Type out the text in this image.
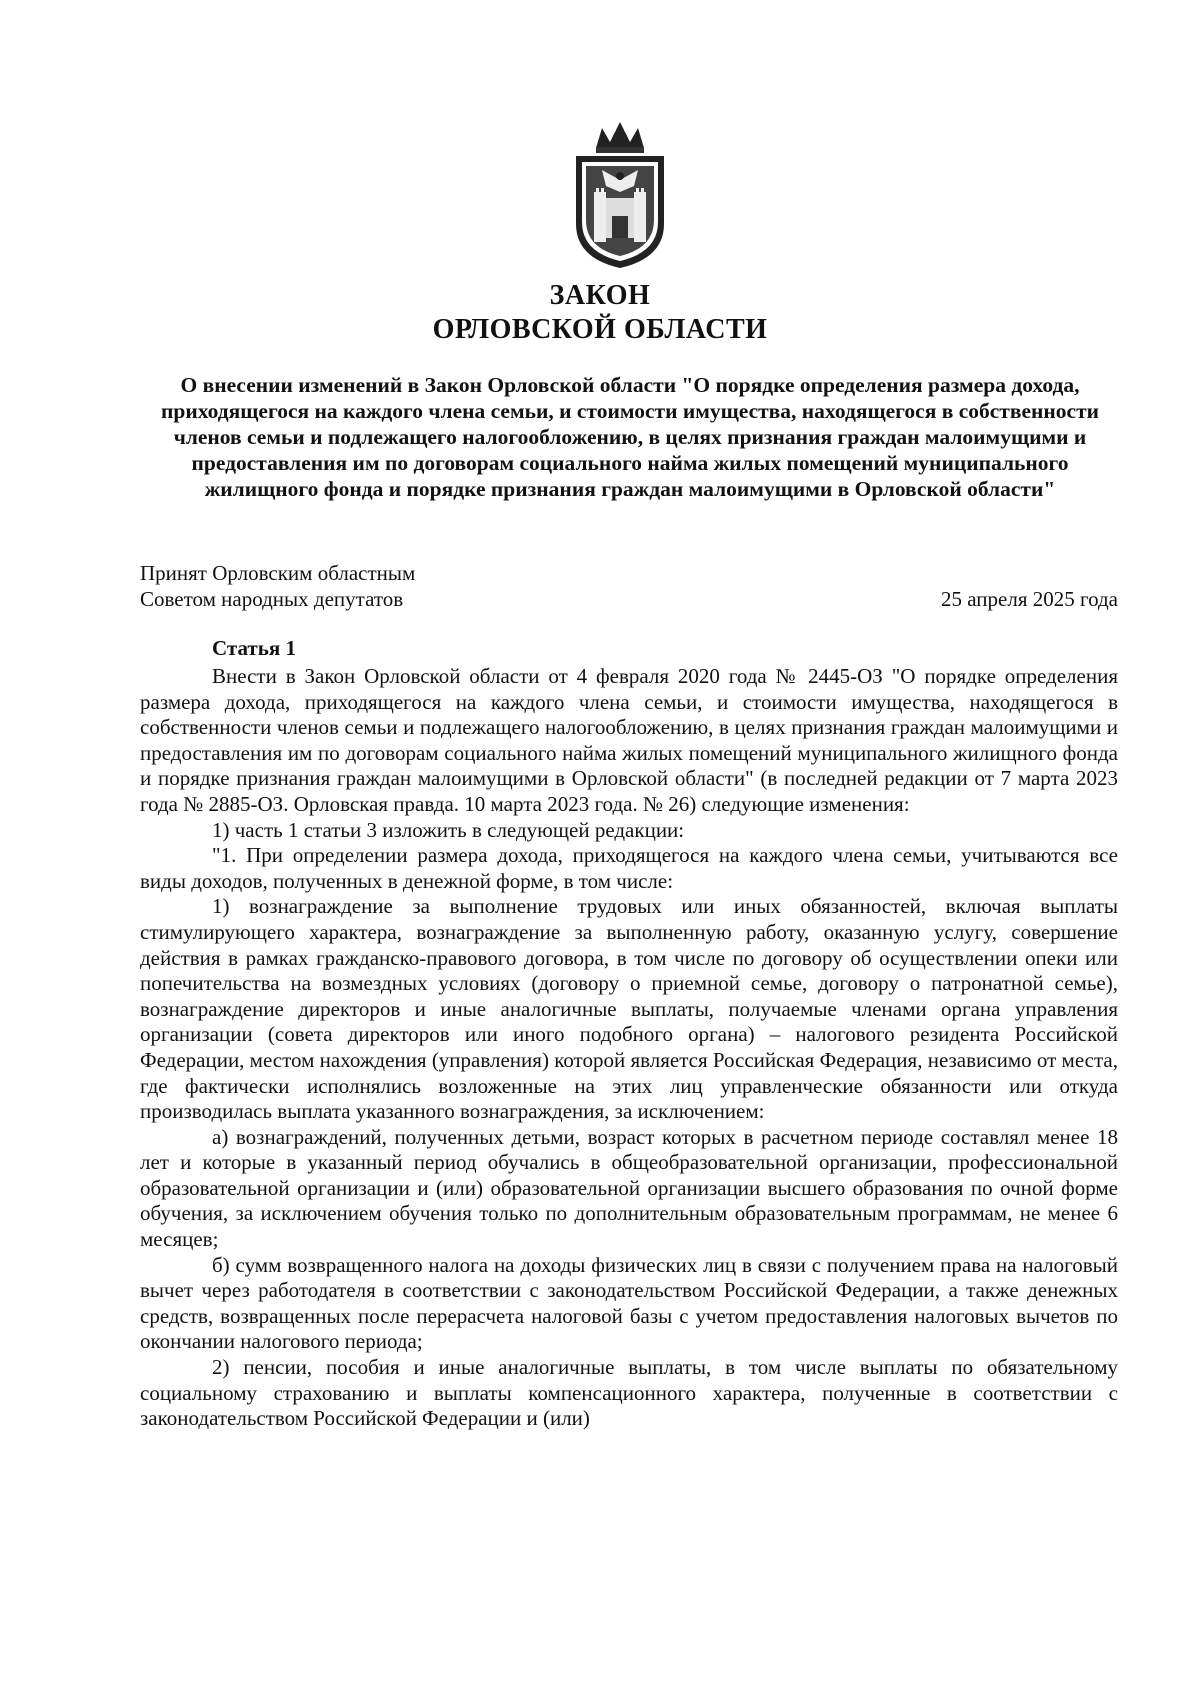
ЗАКОН
ОРЛОВСКОЙ ОБЛАСТИ
О внесении изменений в Закон Орловской области "О порядке определения размера дохода, приходящегося на каждого члена семьи, и стоимости имущества, находящегося в собственности членов семьи и подлежащего налогообложению, в целях признания граждан малоимущими и предоставления им по договорам социального найма жилых помещений муниципального жилищного фонда и порядке признания граждан малоимущими в Орловской области"
Принят Орловским областным
Советом народных депутатов	25 апреля 2025 года
Статья 1

Внести в Закон Орловской области от 4 февраля 2020 года № 2445-ОЗ "О порядке определения размера дохода, приходящегося на каждого члена семьи, и стоимости имущества, находящегося в собственности членов семьи и подлежащего налогообложению, в целях признания граждан малоимущими и предоставления им по договорам социального найма жилых помещений муниципального жилищного фонда и порядке признания граждан малоимущими в Орловской области" (в последней редакции от 7 марта 2023 года № 2885-ОЗ. Орловская правда. 10 марта 2023 года. № 26) следующие изменения:

1) часть 1 статьи 3 изложить в следующей редакции:

"1. При определении размера дохода, приходящегося на каждого члена семьи, учитываются все виды доходов, полученных в денежной форме, в том числе:

1) вознаграждение за выполнение трудовых или иных обязанностей, включая выплаты стимулирующего характера, вознаграждение за выполненную работу, оказанную услугу, совершение действия в рамках гражданско-правового договора, в том числе по договору об осуществлении опеки или попечительства на возмездных условиях (договору о приемной семье, договору о патронатной семье), вознаграждение директоров и иные аналогичные выплаты, получаемые членами органа управления организации (совета директоров или иного подобного органа) – налогового резидента Российской Федерации, местом нахождения (управления) которой является Российская Федерация, независимо от места, где фактически исполнялись возложенные на этих лиц управленческие обязанности или откуда производилась выплата указанного вознаграждения, за исключением:

а) вознаграждений, полученных детьми, возраст которых в расчетном периоде составлял менее 18 лет и которые в указанный период обучались в общеобразовательной организации, профессиональной образовательной организации и (или) образовательной организации высшего образования по очной форме обучения, за исключением обучения только по дополнительным образовательным программам, не менее 6 месяцев;

б) сумм возвращенного налога на доходы физических лиц в связи с получением права на налоговый вычет через работодателя в соответствии с законодательством Российской Федерации, а также денежных средств, возвращенных после перерасчета налоговой базы с учетом предоставления налоговых вычетов по окончании налогового периода;

2) пенсии, пособия и иные аналогичные выплаты, в том числе выплаты по обязательному социальному страхованию и выплаты компенсационного характера, полученные в соответствии с законодательством Российской Федерации и (или)
